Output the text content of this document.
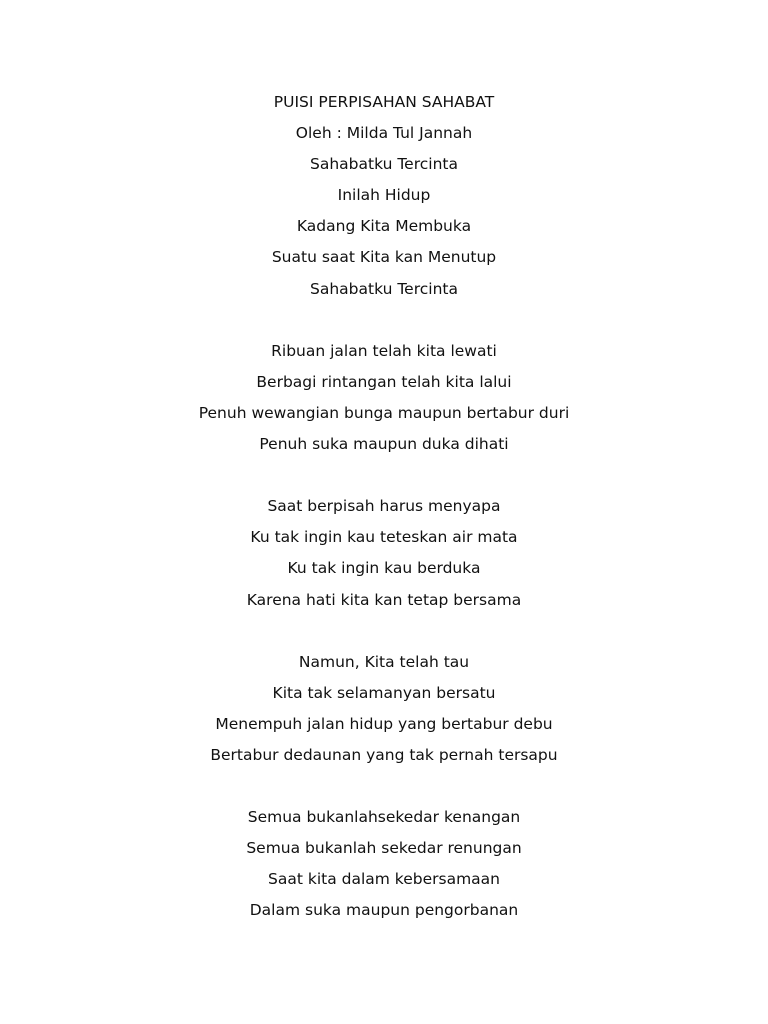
PUISI PERPISAHAN SAHABAT
Oleh : Milda Tul Jannah
Sahabatku Tercinta
Inilah Hidup
Kadang Kita Membuka
Suatu saat Kita kan Menutup
Sahabatku Tercinta
Ribuan jalan telah kita lewati
Berbagi rintangan telah kita lalui
Penuh wewangian bunga maupun bertabur duri
Penuh suka maupun duka dihati
Saat berpisah harus menyapa
Ku tak ingin kau teteskan air mata
Ku tak ingin kau berduka
Karena hati kita kan tetap bersama
Namun, Kita telah tau
Kita tak selamanyan bersatu
Menempuh jalan hidup yang bertabur debu
Bertabur dedaunan yang tak pernah tersapu
Semua bukanlahsekedar kenangan
Semua bukanlah sekedar renungan
Saat kita dalam kebersamaan
Dalam suka maupun pengorbanan
